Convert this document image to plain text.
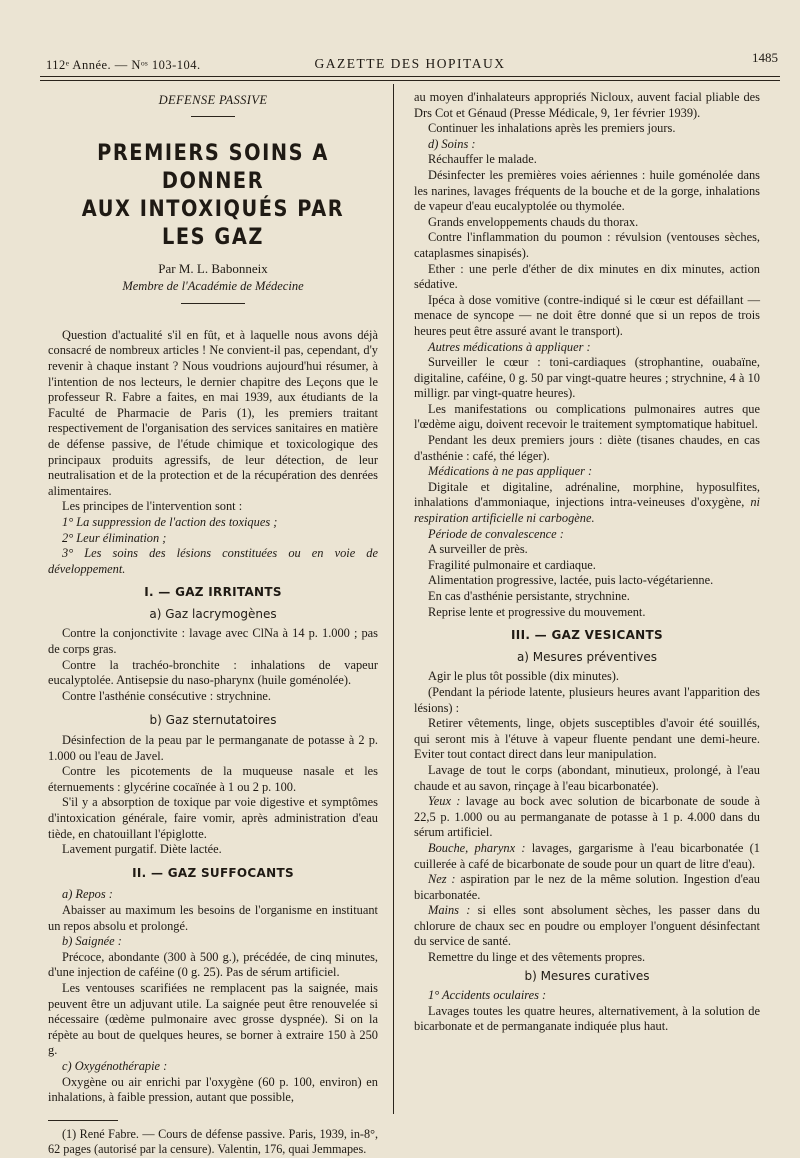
112ᵉ Année. — Nᵒˢ 103-104.	GAZETTE DES HOPITAUX	1485

DEFENSE PASSIVE

PREMIERS SOINS A DONNER

AUX INTOXIQUÉS PAR LES GAZ

Par M. L. Babonneix

Membre de l'Académie de Médecine

Question d'actualité s'il en fût, et à laquelle nous avons déjà consacré de nombreux articles ! Ne convient-il pas, cependant, d'y revenir à chaque instant ? Nous voudrions aujourd'hui résumer, à l'intention de nos lecteurs, le dernier chapitre des Leçons que le professeur R. Fabre a faites, en mai 1939, aux étudiants de la Faculté de Pharmacie de Paris (1), les premiers traitant respectivement de l'organisation des services sanitaires en matière de défense passive, de l'étude chimique et toxicologique des principaux produits agressifs, de leur détection, de leur neutralisation et de la protection et de la récupération des denrées alimentaires.

Les principes de l'intervention sont :

1° La suppression de l'action des toxiques ;

2° Leur élimination ;

3° Les soins des lésions constituées ou en voie de développement.

I. — GAZ IRRITANTS

a) Gaz lacrymogènes

Contre la conjonctivite : lavage avec ClNa à 14 p. 1.000 ; pas de corps gras.

Contre la trachéo-bronchite : inhalations de vapeur eucalyptolée. Antisepsie du naso-pharynx (huile goménolée).

Contre l'asthénie consécutive : strychnine.

b) Gaz sternutatoires

Désinfection de la peau par le permanganate de potasse à 2 p. 1.000 ou l'eau de Javel.

Contre les picotements de la muqueuse nasale et les éternuements : glycérine cocaïnée à 1 ou 2 p. 100.

S'il y a absorption de toxique par voie digestive et symptômes d'intoxication générale, faire vomir, après administration d'eau tiède, en chatouillant l'épiglotte.

Lavement purgatif. Diète lactée.

II. — GAZ SUFFOCANTS

a) Repos :

Abaisser au maximum les besoins de l'organisme en instituant un repos absolu et prolongé.

b) Saignée :

Précoce, abondante (300 à 500 g.), précédée, de cinq minutes, d'une injection de caféine (0 g. 25). Pas de sérum artificiel.

Les ventouses scarifiées ne remplacent pas la saignée, mais peuvent être un adjuvant utile. La saignée peut être renouvelée si nécessaire (œdème pulmonaire avec grosse dyspnée). Si on la répète au bout de quelques heures, se borner à extraire 150 à 250 g.

c) Oxygénothérapie :

Oxygène ou air enrichi par l'oxygène (60 p. 100, environ) en inhalations, à faible pression, autant que possible,

(1) René Fabre. — Cours de défense passive. Paris, 1939, in-8°, 62 pages (autorisé par la censure). Valentin, 176, quai Jemmapes.

au moyen d'inhalateurs appropriés Nicloux, auvent facial pliable des Drs Cot et Génaud (Presse Médicale, 9, 1er février 1939).

Continuer les inhalations après les premiers jours.

d) Soins :

Réchauffer le malade.

Désinfecter les premières voies aériennes : huile goménolée dans les narines, lavages fréquents de la bouche et de la gorge, inhalations de vapeur d'eau eucalyptolée ou thymolée.

Grands enveloppements chauds du thorax.

Contre l'inflammation du poumon : révulsion (ventouses sèches, cataplasmes sinapisés).

Ether : une perle d'éther de dix minutes en dix minutes, action sédative.

Ipéca à dose vomitive (contre-indiqué si le cœur est défaillant — menace de syncope — ne doit être donné que si un repos de trois heures peut être assuré avant le transport).

Autres médications à appliquer :

Surveiller le cœur : toni-cardiaques (strophantine, ouabaïne, digitaline, caféine, 0 g. 50 par vingt-quatre heures ; strychnine, 4 à 10 milligr. par vingt-quatre heures).

Les manifestations ou complications pulmonaires autres que l'œdème aigu, doivent recevoir le traitement symptomatique habituel.

Pendant les deux premiers jours : diète (tisanes chaudes, en cas d'asthénie : café, thé léger).

Médications à ne pas appliquer :

Digitale et digitaline, adrénaline, morphine, hyposulfites, inhalations d'ammoniaque, injections intra-veineuses d'oxygène, ni respiration artificielle ni carbogène.

Période de convalescence :

A surveiller de près.

Fragilité pulmonaire et cardiaque.

Alimentation progressive, lactée, puis lacto-végétarienne.

En cas d'asthénie persistante, strychnine.

Reprise lente et progressive du mouvement.

III. — GAZ VESICANTS

a) Mesures préventives

Agir le plus tôt possible (dix minutes).

(Pendant la période latente, plusieurs heures avant l'apparition des lésions) :

Retirer vêtements, linge, objets susceptibles d'avoir été souillés, qui seront mis à l'étuve à vapeur fluente pendant une demi-heure. Eviter tout contact direct dans leur manipulation.

Lavage de tout le corps (abondant, minutieux, prolongé, à l'eau chaude et au savon, rinçage à l'eau bicarbonatée).

Yeux : lavage au bock avec solution de bicarbonate de soude à 22,5 p. 1.000 ou au permanganate de potasse à 1 p. 4.000 dans du sérum artificiel.

Bouche, pharynx : lavages, gargarisme à l'eau bicarbonatée (1 cuillerée à café de bicarbonate de soude pour un quart de litre d'eau).

Nez : aspiration par le nez de la même solution. Ingestion d'eau bicarbonatée.

Mains : si elles sont absolument sèches, les passer dans du chlorure de chaux sec en poudre ou employer l'onguent désinfectant du service de santé.

Remettre du linge et des vêtements propres.

b) Mesures curatives

1° Accidents oculaires :

Lavages toutes les quatre heures, alternativement, à la solution de bicarbonate et de permanganate indiquée plus haut.
